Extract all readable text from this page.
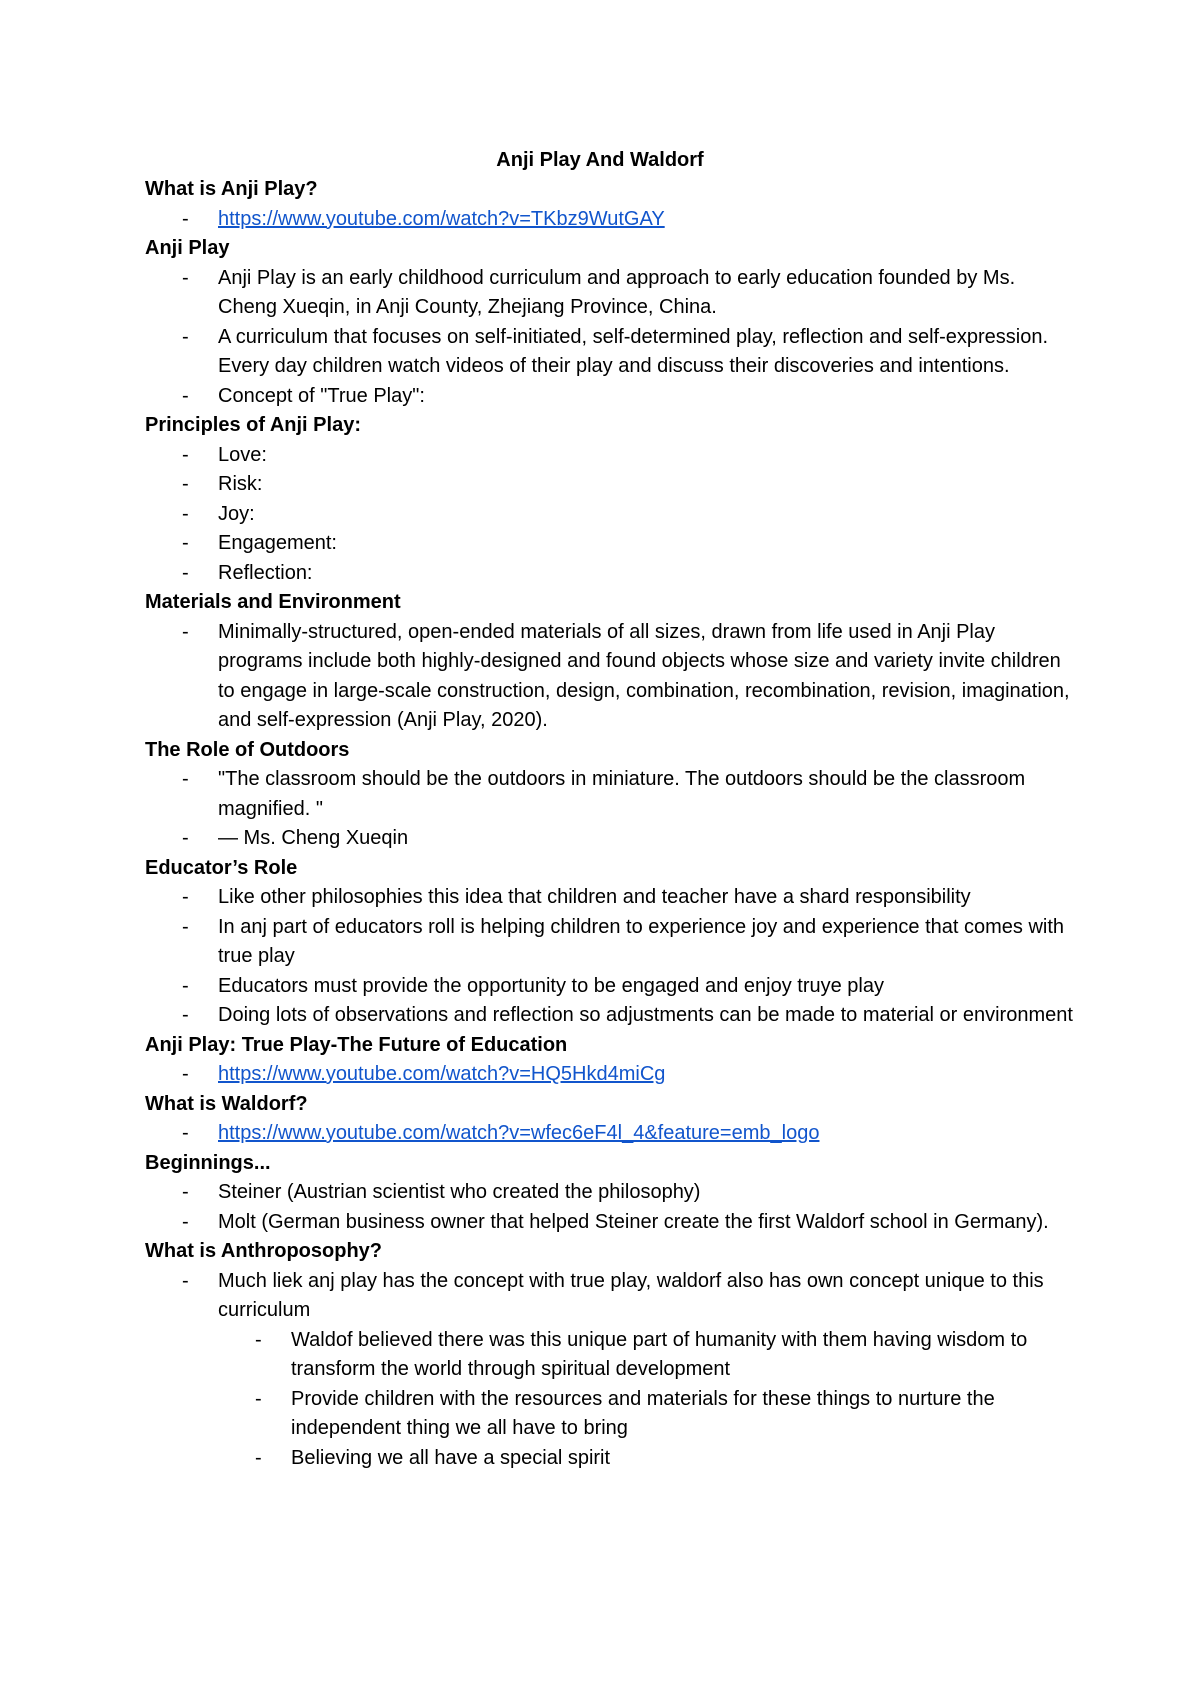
Anji Play And Waldorf
What is Anji Play?
- https://www.youtube.com/watch?v=TKbz9WutGAY
Anji Play
- Anji Play is an early childhood curriculum and approach to early education founded by Ms. Cheng Xueqin, in Anji County, Zhejiang Province, China.
- A curriculum that focuses on self-initiated, self-determined play, reflection and self-expression. Every day children watch videos of their play and discuss their discoveries and intentions.
- Concept of "True Play":
Principles of Anji Play:
- Love:
- Risk:
- Joy:
- Engagement:
- Reflection:
Materials and Environment
- Minimally-structured, open-ended materials of all sizes, drawn from life used in Anji Play programs include both highly-designed and found objects whose size and variety invite children to engage in large-scale construction, design, combination, recombination, revision, imagination, and self-expression (Anji Play, 2020).
The Role of Outdoors
- "The classroom should be the outdoors in miniature. The outdoors should be the classroom magnified. "
- — Ms. Cheng Xueqin
Educator’s Role
- Like other philosophies this idea that children and teacher have a shard responsibility
- In anj part of educators roll is helping children to experience joy and experience that comes with true play
- Educators must provide the opportunity to be engaged and enjoy truye play
- Doing lots of observations and reflection so adjustments can be made to material or environment
Anji Play: True Play-The Future of Education
- https://www.youtube.com/watch?v=HQ5Hkd4miCg
What is Waldorf?
- https://www.youtube.com/watch?v=wfec6eF4l_4&feature=emb_logo
Beginnings...
- Steiner (Austrian scientist who created the philosophy)
- Molt (German business owner that helped Steiner create the first Waldorf school in Germany).
What is Anthroposophy?
- Much liek anj play has the concept with true play, waldorf also has own concept unique to this curriculum
- Waldof believed there was this unique part of humanity with them having wisdom to transform the world through spiritual development
- Provide children with the resources and materials for these things to nurture the independent thing we all have to bring
- Believing we all have a special spirit
